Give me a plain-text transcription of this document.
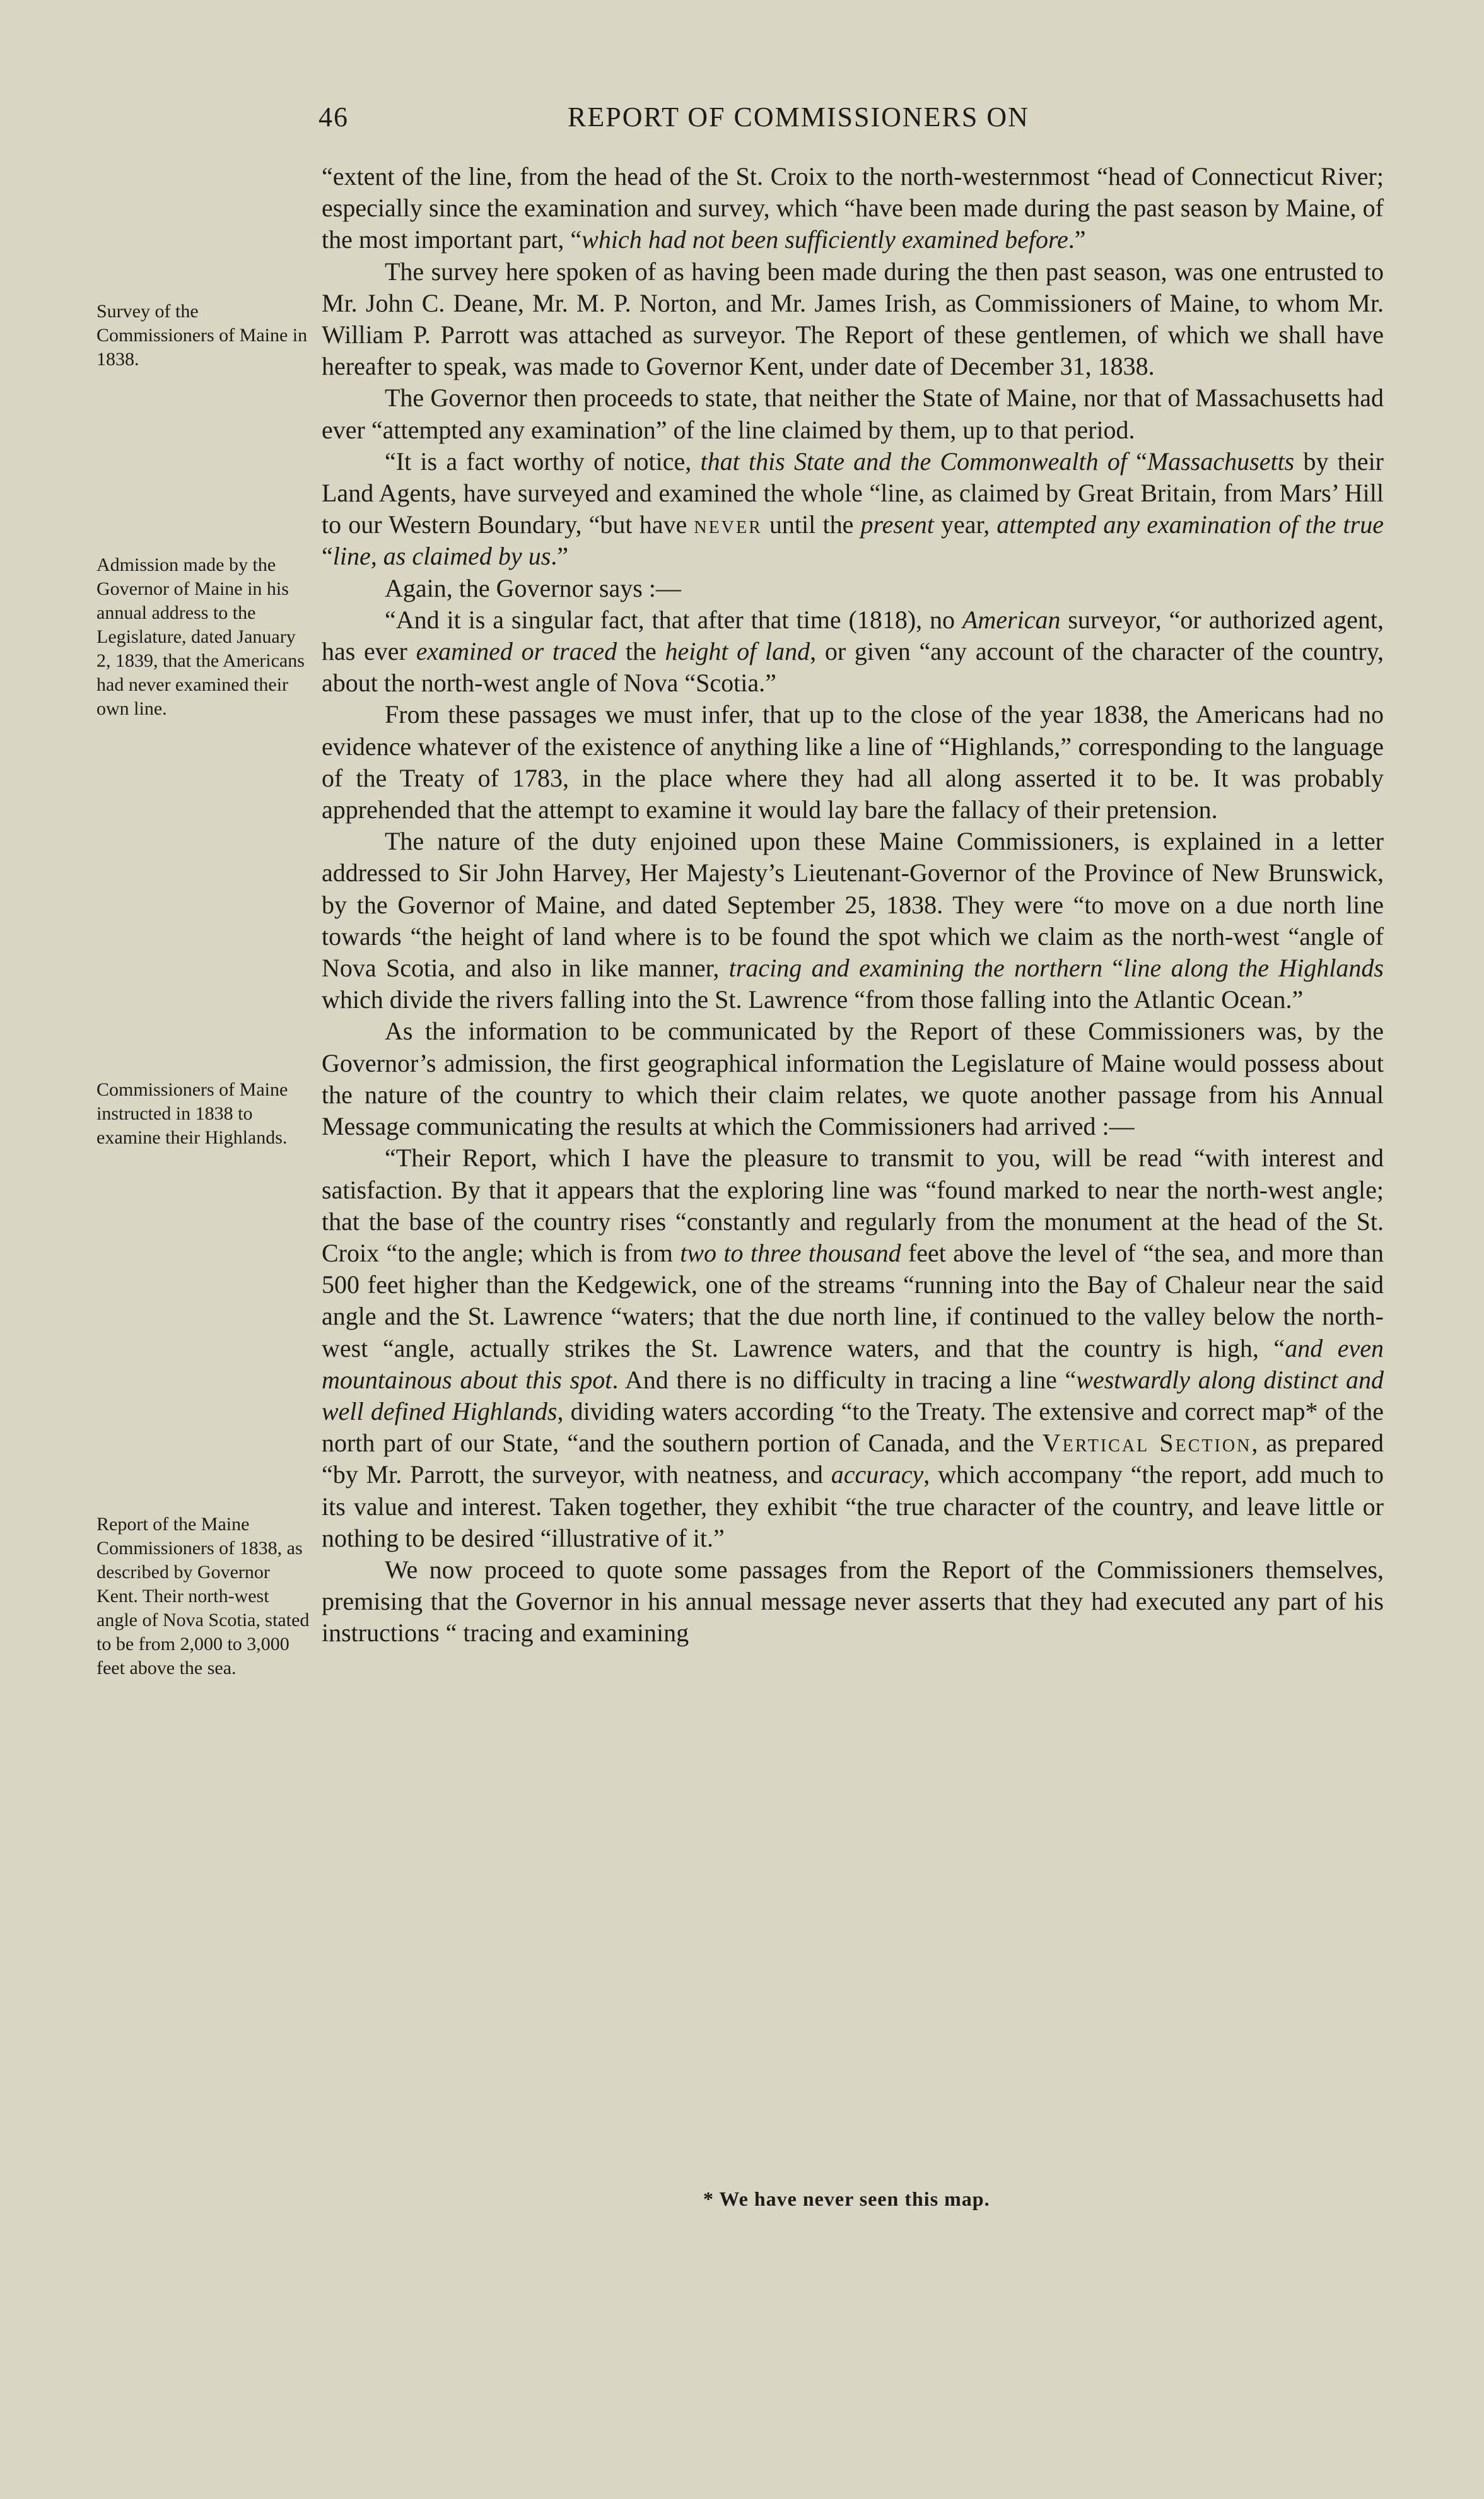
46	REPORT OF COMMISSIONERS ON
Survey of the Commissioners of Maine in 1838.
Admission made by the Governor of Maine in his annual address to the Legislature, dated January 2, 1839, that the Americans had never examined their own line.
Commissioners of Maine instructed in 1838 to examine their Highlands.
Report of the Maine Commissioners of 1838, as described by Governor Kent. Their north-west angle of Nova Scotia, stated to be from 2,000 to 3,000 feet above the sea.

“extent of the line, from the head of the St. Croix to the north-westernmost “head of Connecticut River; especially since the examination and survey, which “have been made during the past season by Maine, of the most important part, “which had not been sufficiently examined before.”

The survey here spoken of as having been made during the then past season, was one entrusted to Mr. John C. Deane, Mr. M. P. Norton, and Mr. James Irish, as Commissioners of Maine, to whom Mr. William P. Parrott was attached as surveyor. The Report of these gentlemen, of which we shall have hereafter to speak, was made to Governor Kent, under date of December 31, 1838.

The Governor then proceeds to state, that neither the State of Maine, nor that of Massachusetts had ever “attempted any examination” of the line claimed by them, up to that period.

“It is a fact worthy of notice, that this State and the Commonwealth of “Massachusetts by their Land Agents, have surveyed and examined the whole “line, as claimed by Great Britain, from Mars’ Hill to our Western Boundary, “but have never until the present year, attempted any examination of the true “line, as claimed by us.”

Again, the Governor says :—

“And it is a singular fact, that after that time (1818), no American surveyor, “or authorized agent, has ever examined or traced the height of land, or given “any account of the character of the country, about the north-west angle of Nova “Scotia.”

From these passages we must infer, that up to the close of the year 1838, the Americans had no evidence whatever of the existence of anything like a line of “Highlands,” corresponding to the language of the Treaty of 1783, in the place where they had all along asserted it to be. It was probably apprehended that the attempt to examine it would lay bare the fallacy of their pretension.

The nature of the duty enjoined upon these Maine Commissioners, is explained in a letter addressed to Sir John Harvey, Her Majesty’s Lieutenant-Governor of the Province of New Brunswick, by the Governor of Maine, and dated September 25, 1838. They were “to move on a due north line towards “the height of land where is to be found the spot which we claim as the north-west “angle of Nova Scotia, and also in like manner, tracing and examining the northern “line along the Highlands which divide the rivers falling into the St. Lawrence “from those falling into the Atlantic Ocean.”

As the information to be communicated by the Report of these Commissioners was, by the Governor’s admission, the first geographical information the Legislature of Maine would possess about the nature of the country to which their claim relates, we quote another passage from his Annual Message communicating the results at which the Commissioners had arrived :—

“Their Report, which I have the pleasure to transmit to you, will be read “with interest and satisfaction. By that it appears that the exploring line was “found marked to near the north-west angle; that the base of the country rises “constantly and regularly from the monument at the head of the St. Croix “to the angle; which is from two to three thousand feet above the level of “the sea, and more than 500 feet higher than the Kedgewick, one of the streams “running into the Bay of Chaleur near the said angle and the St. Lawrence “waters; that the due north line, if continued to the valley below the north-west “angle, actually strikes the St. Lawrence waters, and that the country is high, “and even mountainous about this spot. And there is no difficulty in tracing a line “westwardly along distinct and well defined Highlands, dividing waters according “to the Treaty. The extensive and correct map* of the north part of our State, “and the southern portion of Canada, and the Vertical Section, as prepared “by Mr. Parrott, the surveyor, with neatness, and accuracy, which accompany “the report, add much to its value and interest. Taken together, they exhibit “the true character of the country, and leave little or nothing to be desired “illustrative of it.”

We now proceed to quote some passages from the Report of the Commissioners themselves, premising that the Governor in his annual message never asserts that they had executed any part of his instructions “ tracing and examining

* We have never seen this map.
